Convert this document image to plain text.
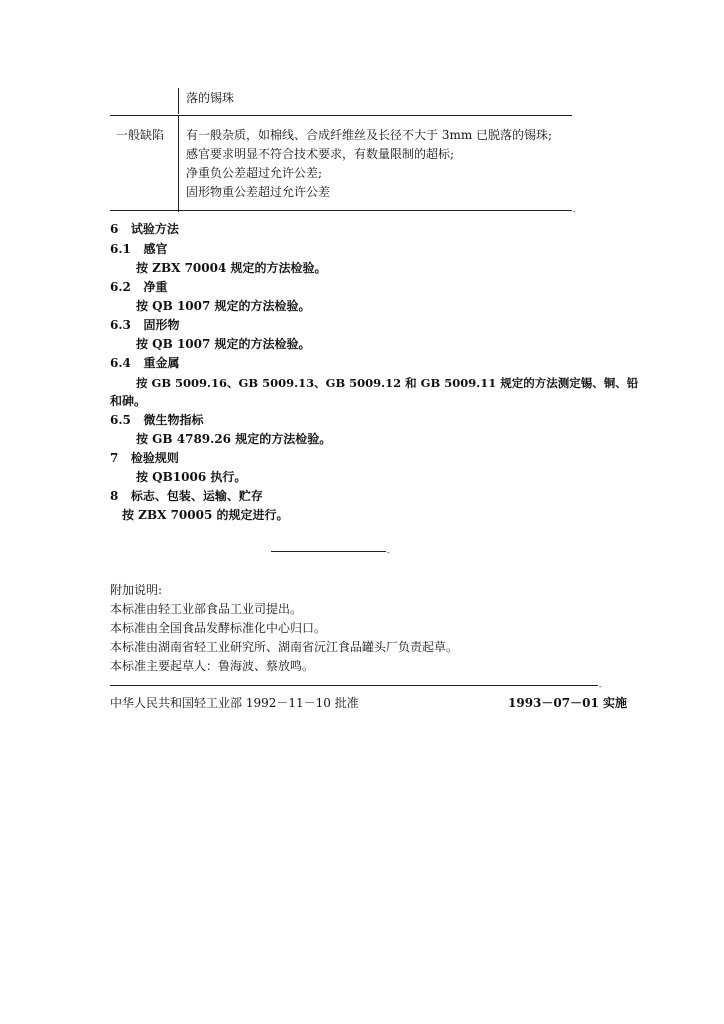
落的锡珠
一般缺陷 有一般杂质，如棉线、合成纤维丝及长径不大于 3mm 已脱落的锡珠;
感官要求明显不符合技术要求，有数量限制的超标;
净重负公差超过允许公差;
固形物重公差超过允许公差
-
6 试验方法
6.1 感官
按 ZBX 70004 规定的方法检验。
6.2 净重
按 QB 1007 规定的方法检验。
6.3 固形物
按 QB 1007 规定的方法检验。
6.4 重金属
按 GB 5009.16、GB 5009.13、GB 5009.12 和 GB 5009.11 规定的方法测定锡、铜、铅
和砷。
6.5 微生物指标
按 GB 4789.26 规定的方法检验。
7 检验规则
按 QB1006 执行。
8 标志、包装、运输、贮存
按 ZBX 70005 的规定进行。
-
附加说明:
本标准由轻工业部食品工业司提出。
本标准由全国食品发酵标准化中心归口。
本标准由湖南省轻工业研究所、湖南省沅江食品罐头厂负责起草。
本标准主要起草人：鲁海波、蔡放鸣。
-
中华人民共和国轻工业部 1992－11－10 批准	1993－07－01 实施
